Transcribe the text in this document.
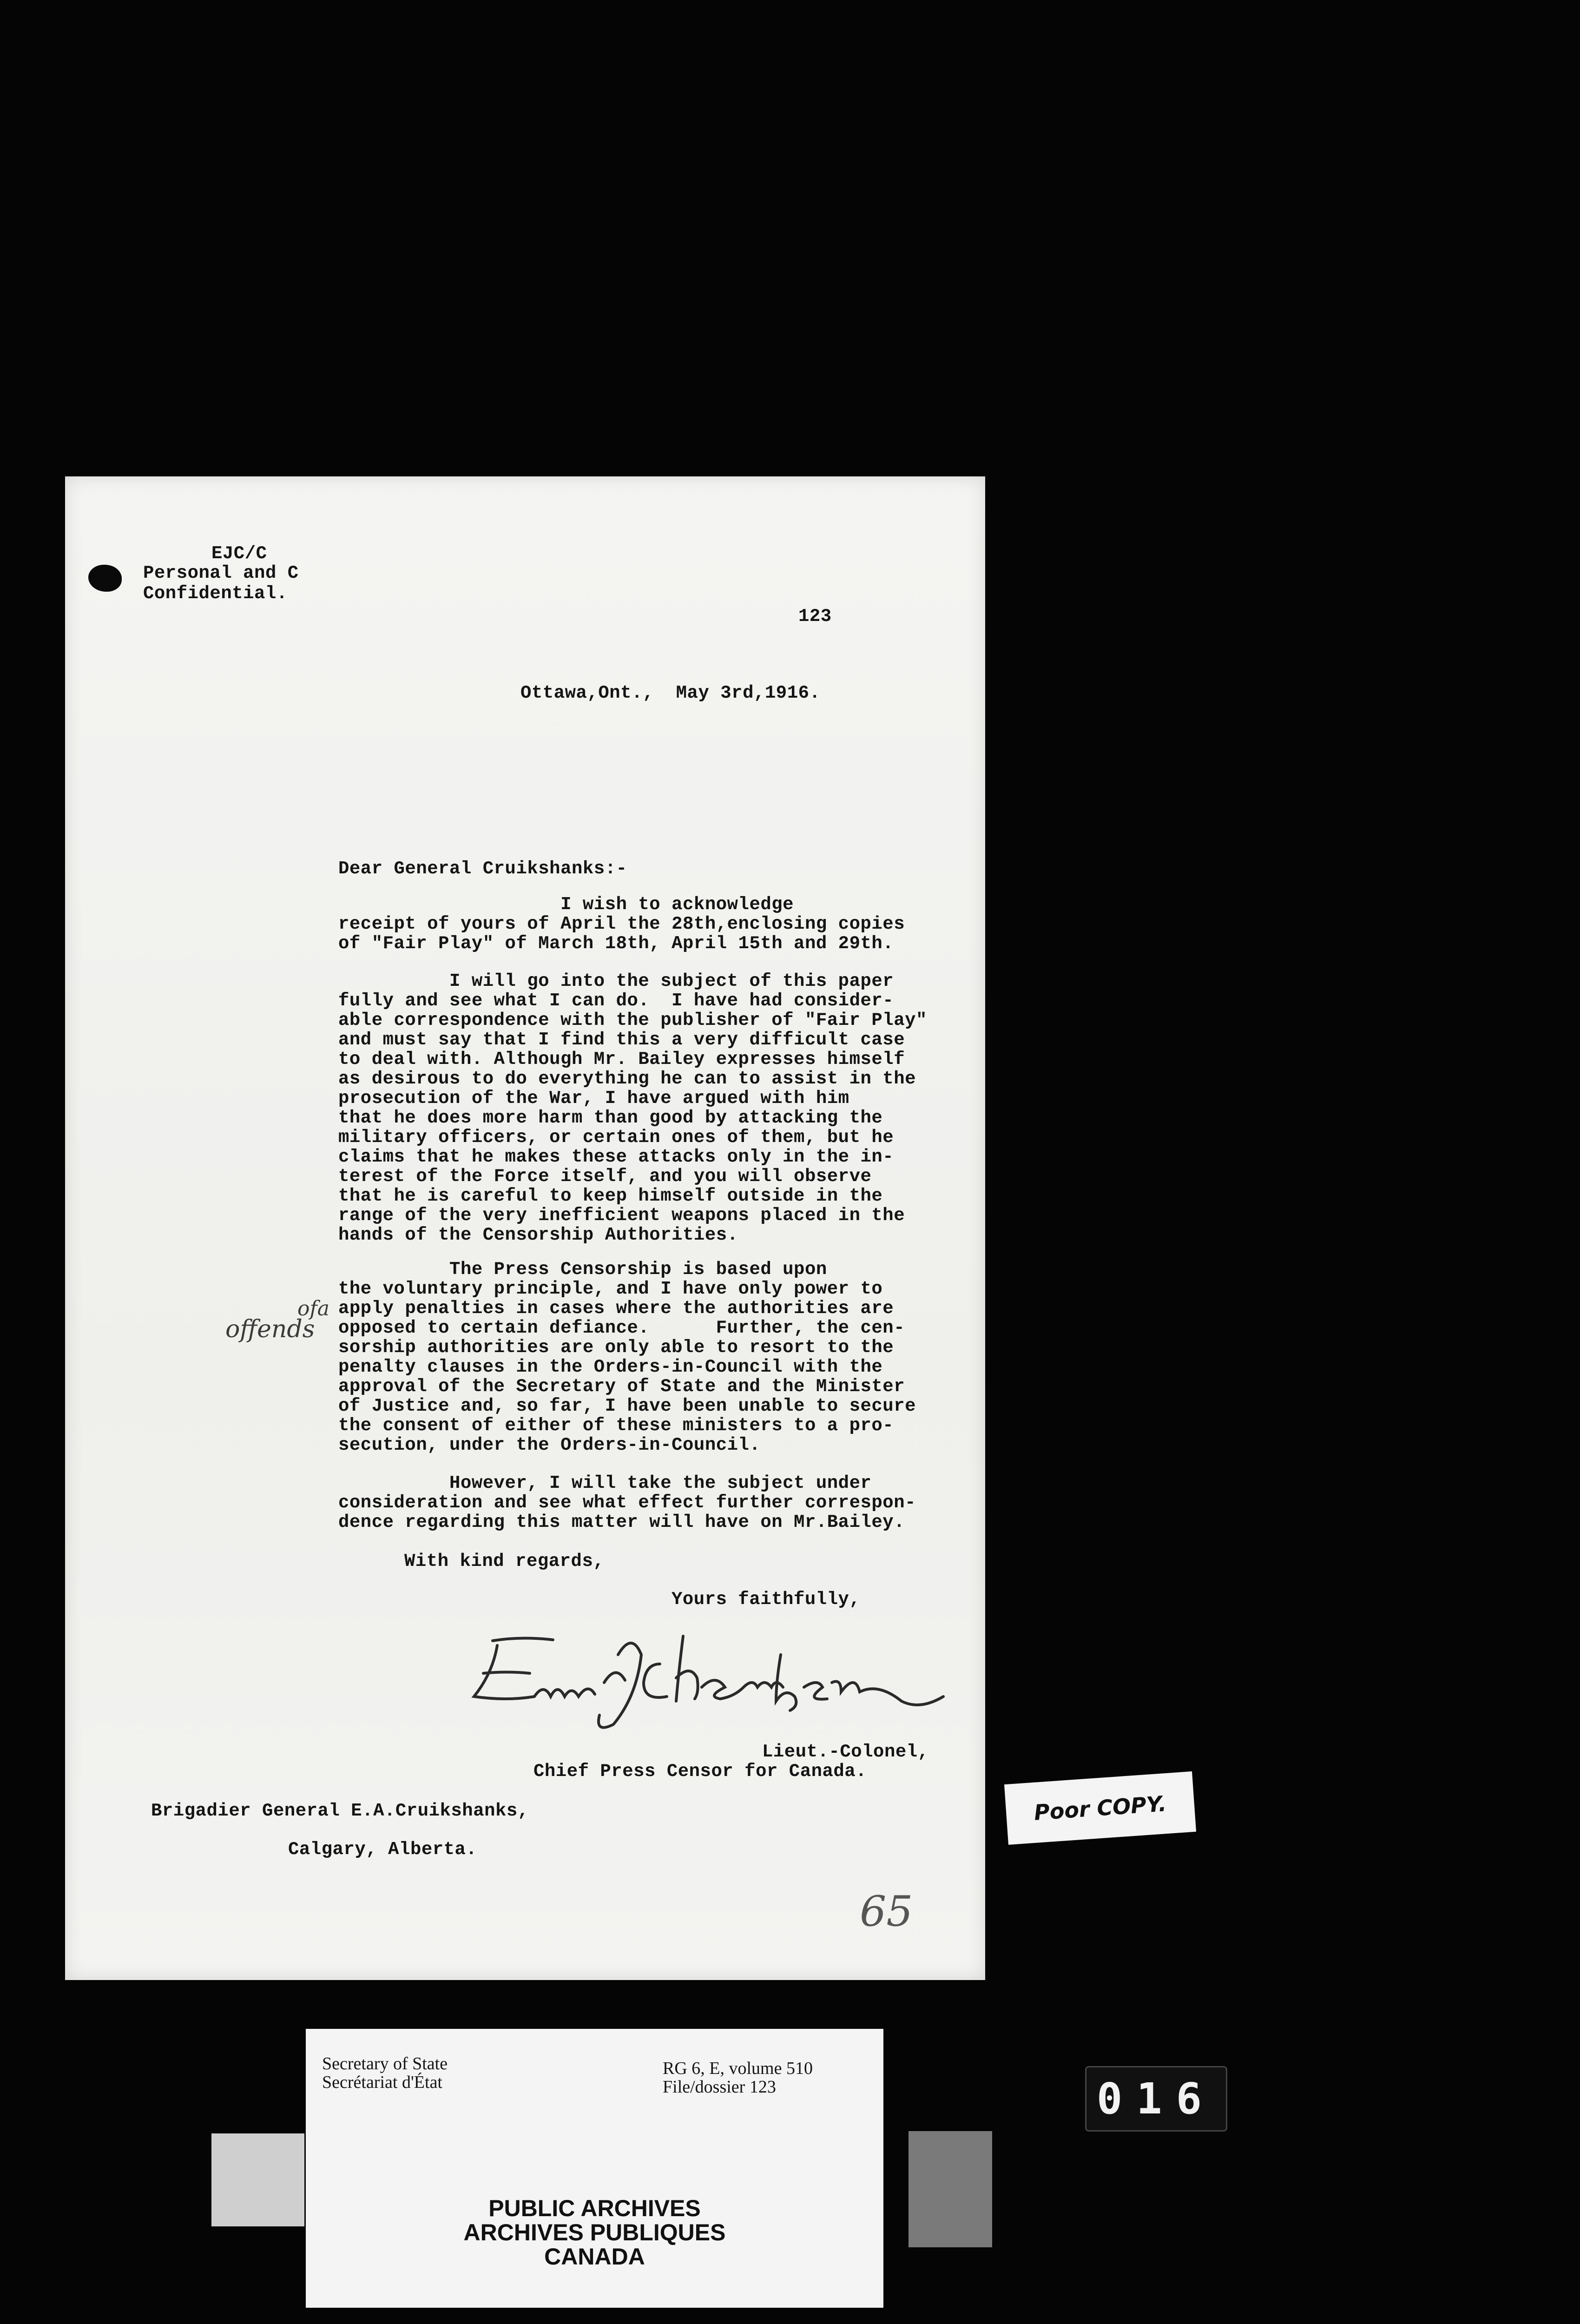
EJC/C

Personal and C

Confidential.

123

Ottawa,Ont.,  May 3rd,1916.

Dear General Cruikshanks:-

I wish to acknowledge
receipt of yours of April the 28th,enclosing copies
of "Fair Play" of March 18th, April 15th and 29th.

I will go into the subject of this paper
fully and see what I can do.  I have had consider-
able correspondence with the publisher of "Fair Play"
and must say that I find this a very difficult case
to deal with. Although Mr. Bailey expresses himself
as desirous to do everything he can to assist in the
prosecution of the War, I have argued with him
that he does more harm than good by attacking the
military officers, or certain ones of them, but he
claims that he makes these attacks only in the in-
terest of the Force itself, and you will observe
that he is careful to keep himself outside in the
range of the very inefficient weapons placed in the
hands of the Censorship Authorities.

The Press Censorship is based upon
the voluntary principle, and I have only power to
apply penalties in cases where the authorities are
opposed to certain defiance.      Further, the cen-
sorship authorities are only able to resort to the
penalty clauses in the Orders-in-Council with the
approval of the Secretary of State and the Minister
of Justice and, so far, I have been unable to secure
the consent of either of these ministers to a pro-
secution, under the Orders-in-Council.

However, I will take the subject under
consideration and see what effect further correspon-
dence regarding this matter will have on Mr.Bailey.

With kind regards,

Yours faithfully,

ofa
offends

Lieut.-Colonel,

Chief Press Censor for Canada.

Brigadier General E.A.Cruikshanks,

Calgary, Alberta.

65
Poor COPY.
Secretary of State
Secrétariat d'État
RG 6, E, volume 510
File/dossier 123
PUBLIC ARCHIVES
ARCHIVES PUBLIQUES
CANADA
016
